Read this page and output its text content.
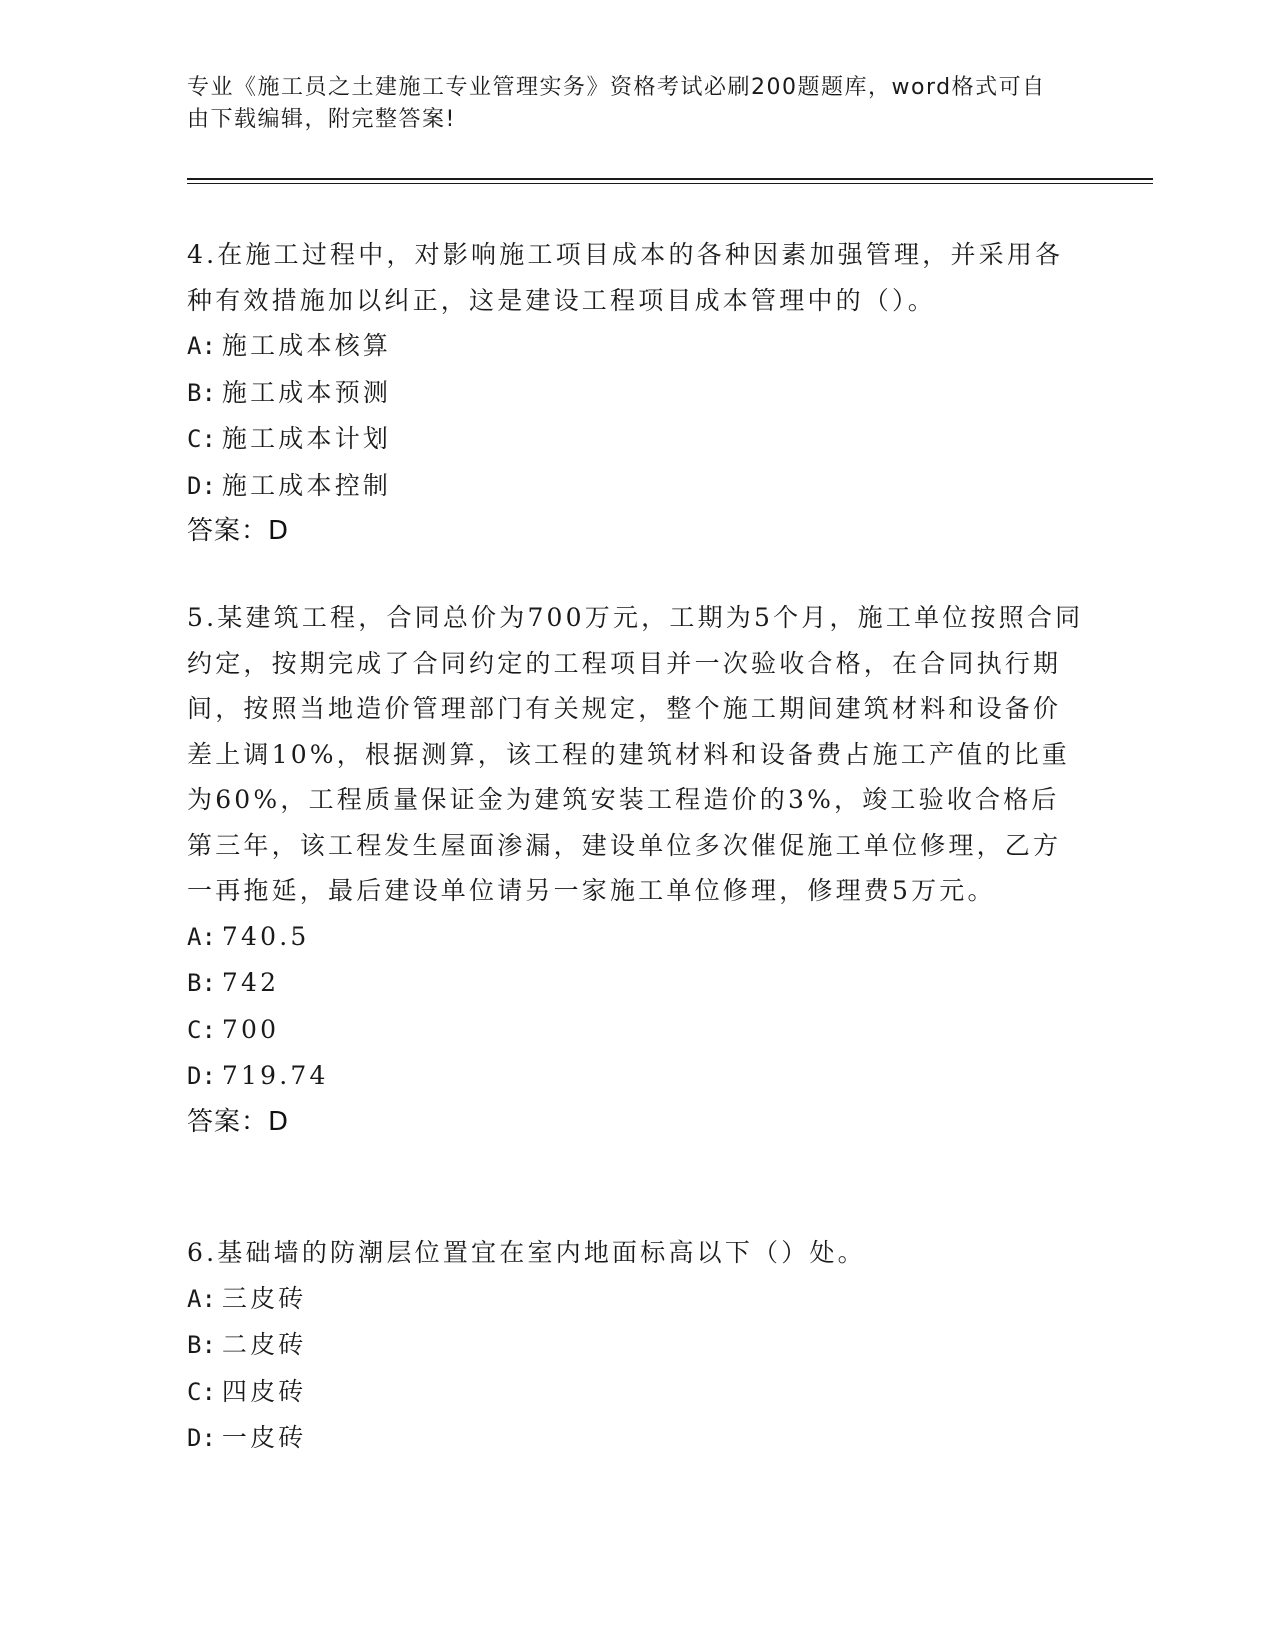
专业《施工员之土建施工专业管理实务》资格考试必刷200题题库，word格式可自由下载编辑，附完整答案!

4.在施工过程中，对影响施工项目成本的各种因素加强管理，并采用各种有效措施加以纠正，这是建设工程项目成本管理中的（）。

A: 施工成本核算

B: 施工成本预测

C: 施工成本计划

D: 施工成本控制

答案：D

5.某建筑工程，合同总价为700万元，工期为5个月，施工单位按照合同约定，按期完成了合同约定的工程项目并一次验收合格，在合同执行期间，按照当地造价管理部门有关规定，整个施工期间建筑材料和设备价差上调10%，根据测算，该工程的建筑材料和设备费占施工产值的比重为60%，工程质量保证金为建筑安装工程造价的3%，竣工验收合格后第三年，该工程发生屋面渗漏，建设单位多次催促施工单位修理，乙方一再拖延，最后建设单位请另一家施工单位修理，修理费5万元。

A: 740.5

B: 742

C: 700

D: 719.74

答案：D

6.基础墙的防潮层位置宜在室内地面标高以下（）处。

A: 三皮砖

B: 二皮砖

C: 四皮砖

D: 一皮砖
